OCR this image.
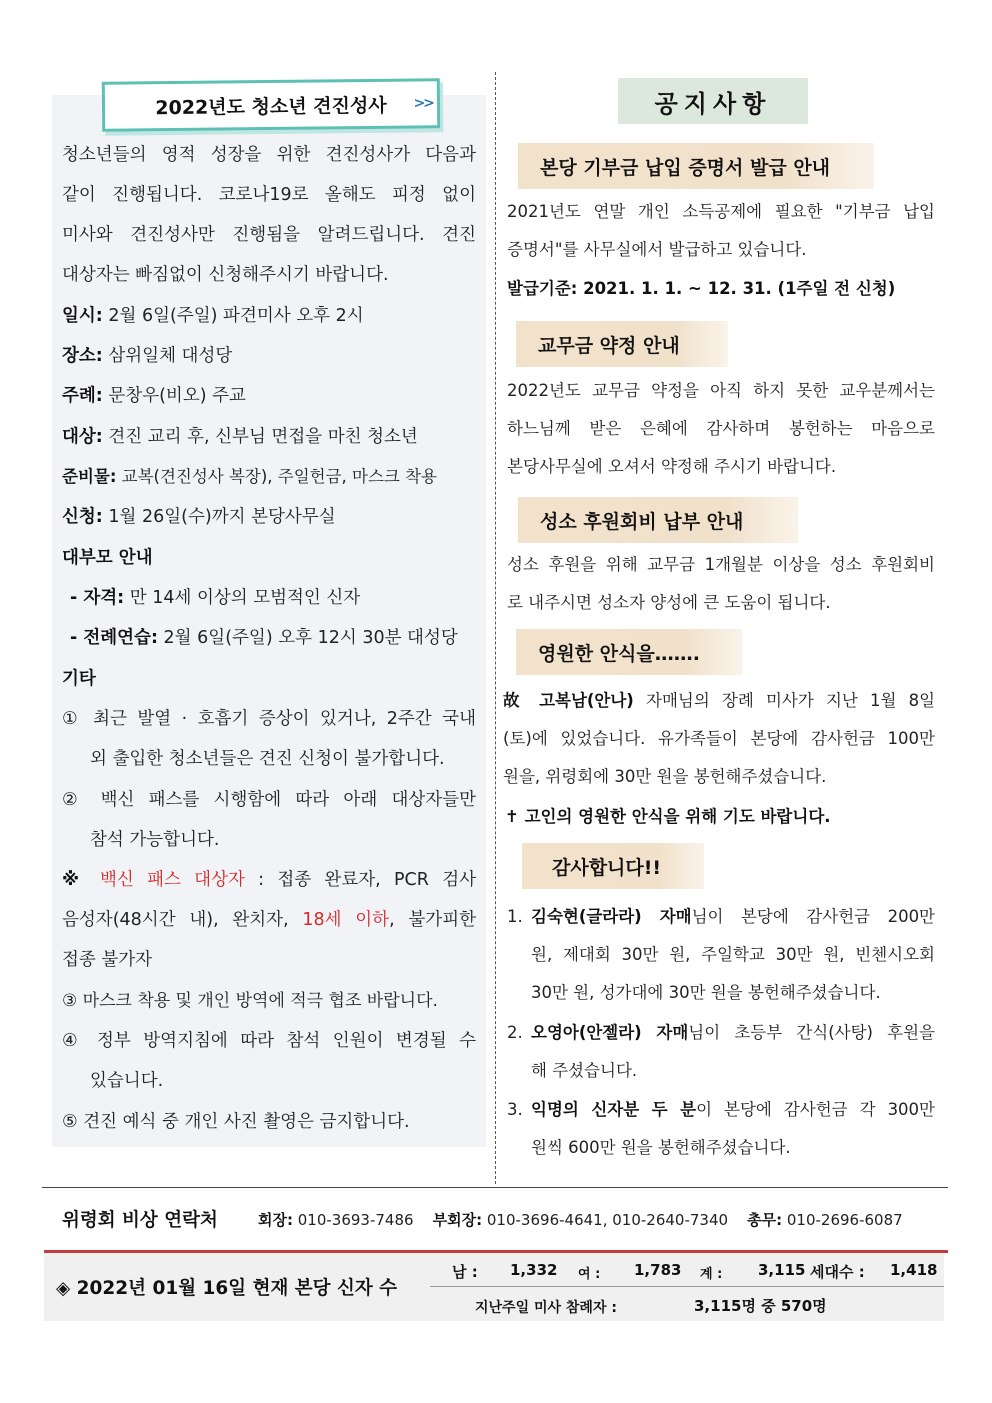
2022년도 청소년 견진성사	>>
청소년들의 영적 성장을 위한 견진성사가 다음과
같이 진행됩니다. 코로나19로 올해도 피정 없이
미사와 견진성사만 진행됨을 알려드립니다. 견진
대상자는 빠짐없이 신청해주시기 바랍니다.
일시: 2월 6일(주일) 파견미사 오후 2시
장소: 삼위일체 대성당
주례: 문창우(비오) 주교
대상: 견진 교리 후, 신부님 면접을 마친 청소년
준비물: 교복(견진성사 복장), 주일헌금, 마스크 착용
신청: 1월 26일(수)까지 본당사무실
대부모 안내
- 자격: 만 14세 이상의 모범적인 신자
- 전례연습: 2월 6일(주일) 오후 12시 30분 대성당
기타
① 최근 발열 · 호흡기 증상이 있거나, 2주간 국내
외 출입한 청소년들은 견진 신청이 불가합니다.
② 백신 패스를 시행함에 따라 아래 대상자들만
참석 가능합니다.
※ 백신 패스 대상자 : 접종 완료자, PCR 검사
음성자(48시간 내), 완치자, 18세 이하, 불가피한
접종 불가자
③ 마스크 착용 및 개인 방역에 적극 협조 바랍니다.
④ 정부 방역지침에 따라 참석 인원이 변경될 수
있습니다.
⑤ 견진 예식 중 개인 사진 촬영은 금지합니다.
공지사항
본당 기부금 납입 증명서 발급 안내
2021년도 연말 개인 소득공제에 필요한 "기부금 납입
증명서"를 사무실에서 발급하고 있습니다.
발급기준: 2021. 1. 1. ~ 12. 31. (1주일 전 신청)
교무금 약정 안내
2022년도 교무금 약정을 아직 하지 못한 교우분께서는
하느님께 받은 은혜에 감사하며 봉헌하는 마음으로
본당사무실에 오셔서 약정해 주시기 바랍니다.
성소 후원회비 납부 안내
성소 후원을 위해 교무금 1개월분 이상을 성소 후원회비
로 내주시면 성소자 양성에 큰 도움이 됩니다.
영원한 안식을…….
故 고복남(안나) 자매님의 장례 미사가 지난 1월 8일
(토)에 있었습니다. 유가족들이 본당에 감사헌금 100만
원을, 위령회에 30만 원을 봉헌해주셨습니다.
✝ 고인의 영원한 안식을 위해 기도 바랍니다.
감사합니다!!
1. 김숙현(글라라) 자매님이 본당에 감사헌금 200만
원, 제대회 30만 원, 주일학교 30만 원, 빈첸시오회
30만 원, 성가대에 30만 원을 봉헌해주셨습니다.
2. 오영아(안젤라) 자매님이 초등부 간식(사탕) 후원을
해 주셨습니다.
3. 익명의 신자분 두 분이 본당에 감사헌금 각 300만
원씩 600만 원을 봉헌해주셨습니다.
위령회 비상 연락처	회장: 010-3693-7486 부회장: 010-3696-4641, 010-2640-7340 총무: 010-2696-6087
◈ 2022년 01월 16일 현재 본당 신자 수
남 : 1,332 여 : 1,783 계 : 3,115 세대수 : 1,418
지난주일 미사 참례자 :	3,115명 중 570명
